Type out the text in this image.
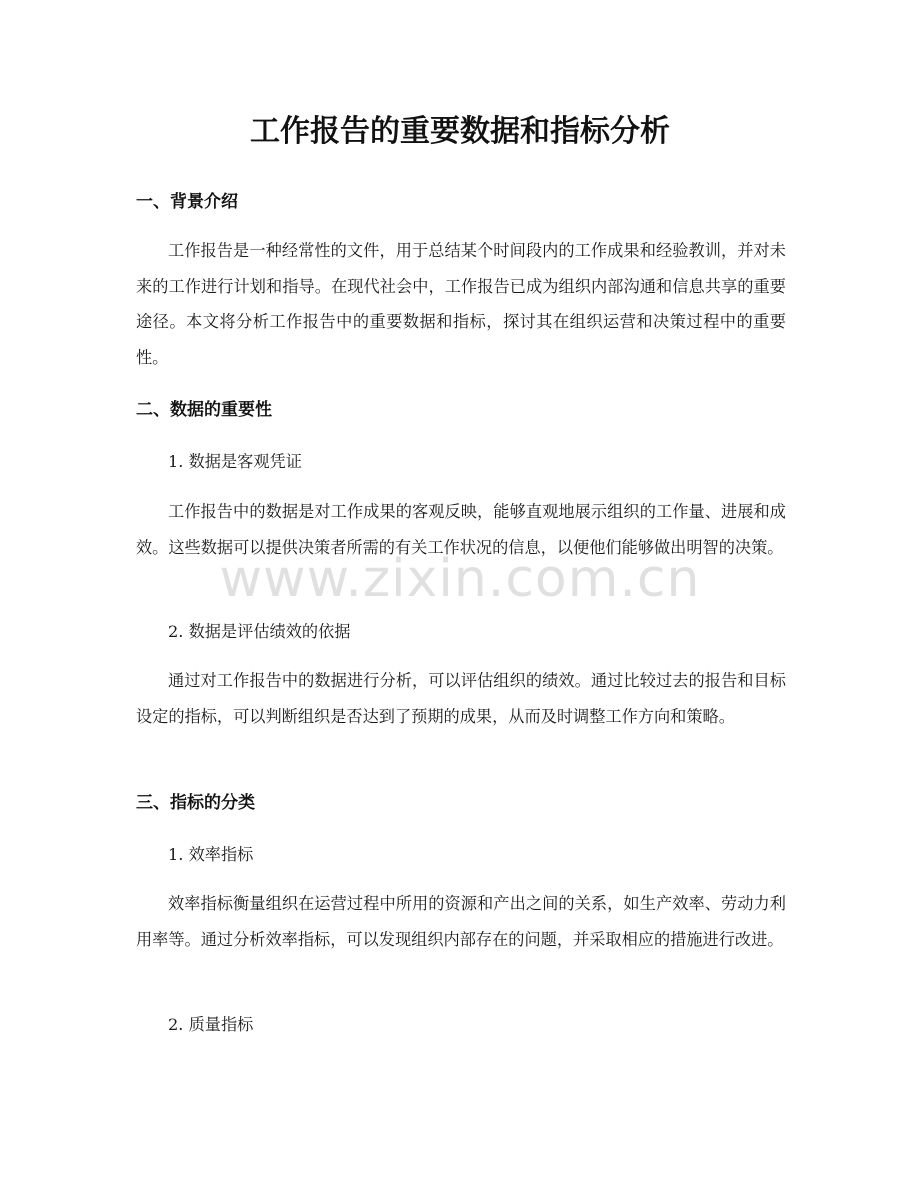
工作报告的重要数据和指标分析
一、背景介绍

工作报告是一种经常性的文件，用于总结某个时间段内的工作成果和经验教训，并对未来的工作进行计划和指导。在现代社会中，工作报告已成为组织内部沟通和信息共享的重要途径。本文将分析工作报告中的重要数据和指标，探讨其在组织运营和决策过程中的重要性。

二、数据的重要性

1. 数据是客观凭证

工作报告中的数据是对工作成果的客观反映，能够直观地展示组织的工作量、进展和成效。这些数据可以提供决策者所需的有关工作状况的信息，以便他们能够做出明智的决策。

2. 数据是评估绩效的依据

通过对工作报告中的数据进行分析，可以评估组织的绩效。通过比较过去的报告和目标设定的指标，可以判断组织是否达到了预期的成果，从而及时调整工作方向和策略。

三、指标的分类

1. 效率指标

效率指标衡量组织在运营过程中所用的资源和产出之间的关系，如生产效率、劳动力利用率等。通过分析效率指标，可以发现组织内部存在的问题，并采取相应的措施进行改进。

2. 质量指标

www.zixin.com.cn
